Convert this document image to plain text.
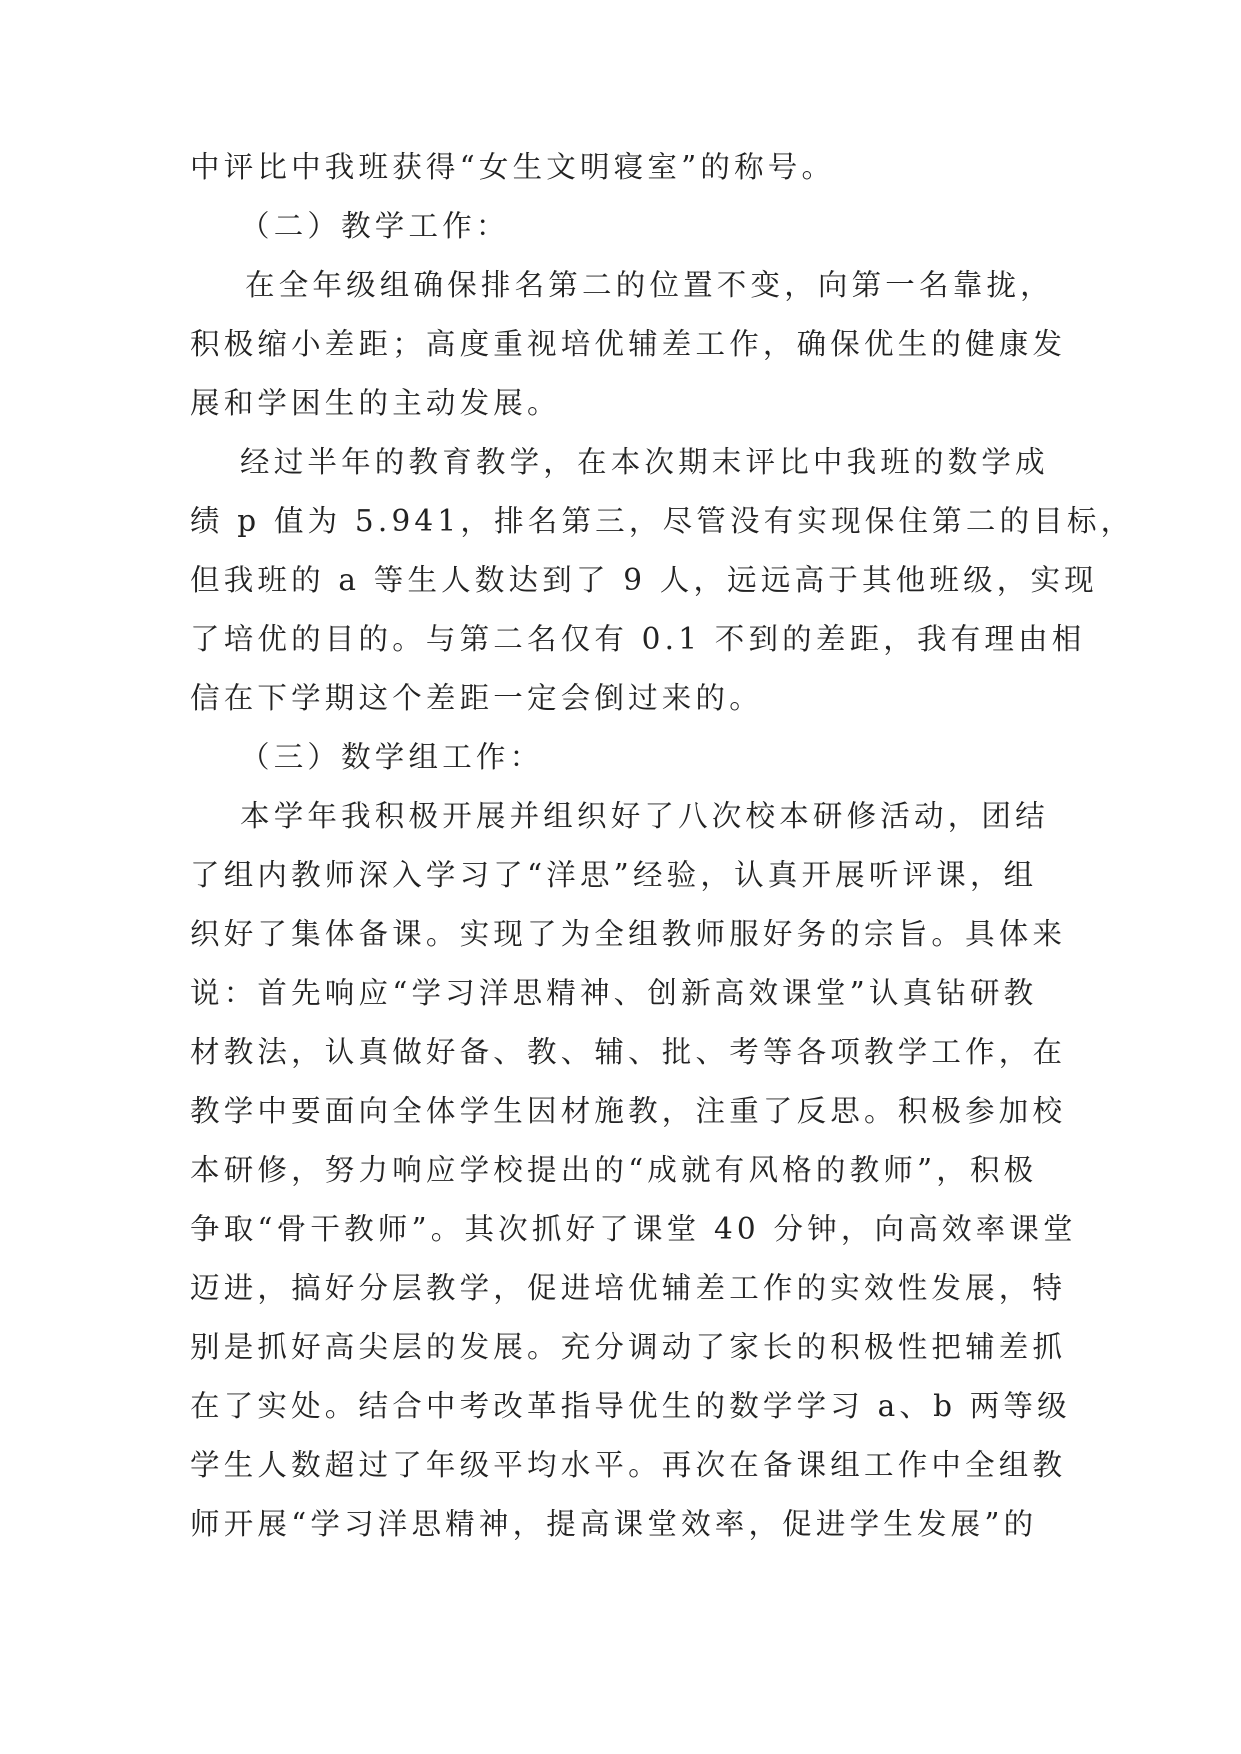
中评比中我班获得“女生文明寝室”的称号。

（二）教学工作：

在全年级组确保排名第二的位置不变，向第一名靠拢，

积极缩小差距；高度重视培优辅差工作，确保优生的健康发

展和学困生的主动发展。

经过半年的教育教学，在本次期末评比中我班的数学成

绩 p 值为 5.941，排名第三，尽管没有实现保住第二的目标，

但我班的 a 等生人数达到了 9 人，远远高于其他班级，实现

了培优的目的。与第二名仅有 0.1 不到的差距，我有理由相

信在下学期这个差距一定会倒过来的。

（三）数学组工作：

本学年我积极开展并组织好了八次校本研修活动，团结

了组内教师深入学习了“洋思”经验，认真开展听评课，组

织好了集体备课。实现了为全组教师服好务的宗旨。具体来

说：首先响应“学习洋思精神、创新高效课堂”认真钻研教

材教法，认真做好备、教、辅、批、考等各项教学工作，在

教学中要面向全体学生因材施教，注重了反思。积极参加校

本研修，努力响应学校提出的“成就有风格的教师”，积极

争取“骨干教师”。其次抓好了课堂 40 分钟，向高效率课堂

迈进，搞好分层教学，促进培优辅差工作的实效性发展，特

别是抓好高尖层的发展。充分调动了家长的积极性把辅差抓

在了实处。结合中考改革指导优生的数学学习 a、b 两等级

学生人数超过了年级平均水平。再次在备课组工作中全组教

师开展“学习洋思精神，提高课堂效率，促进学生发展”的
